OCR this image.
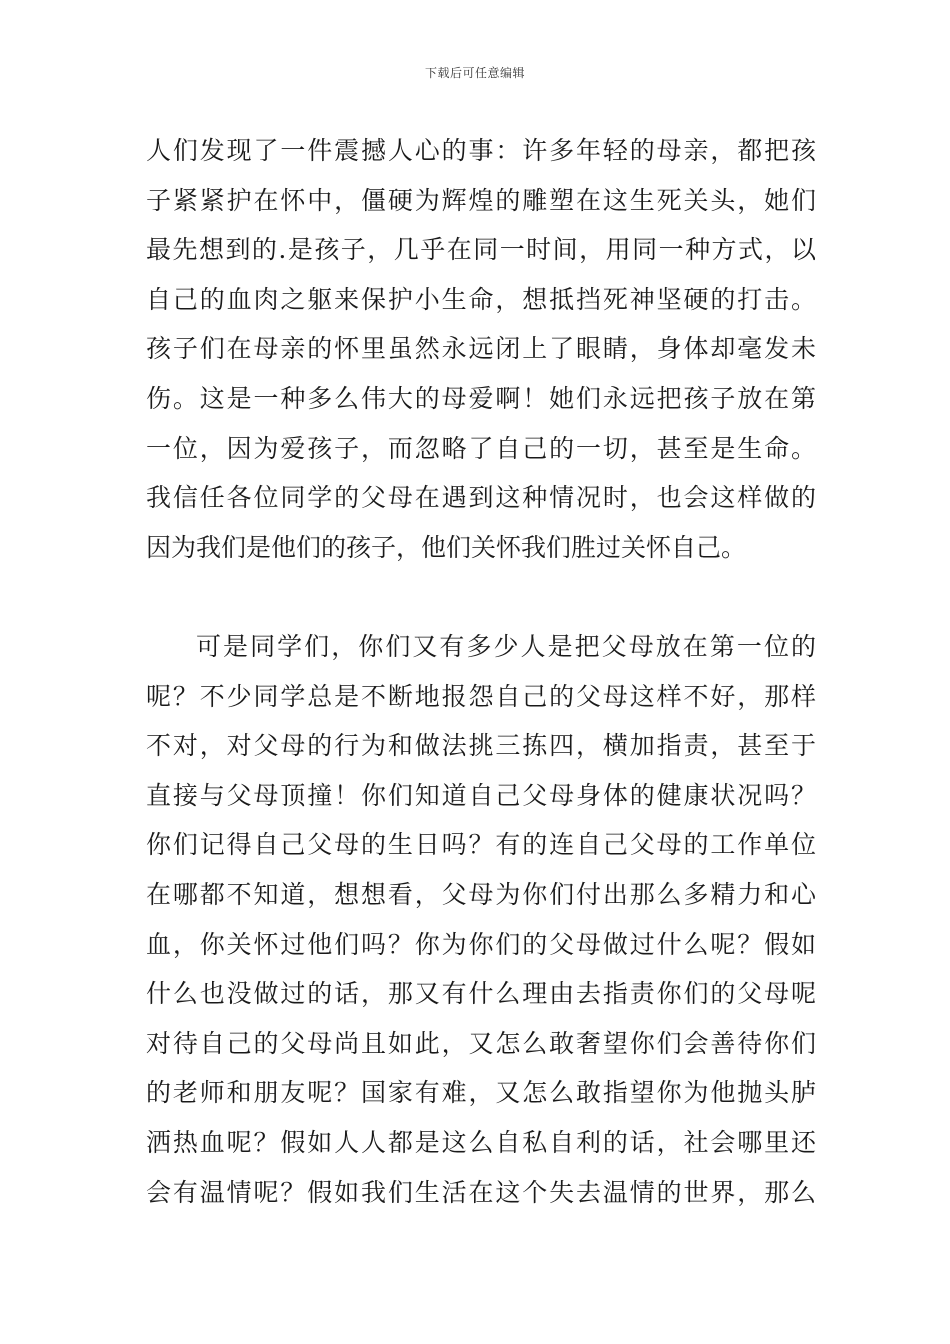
下载后可任意编辑
人们发现了一件震撼人心的事：许多年轻的母亲，都把孩
子紧紧护在怀中，僵硬为辉煌的雕塑在这生死关头，她们
最先想到的.是孩子，几乎在同一时间，用同一种方式，以
自己的血肉之躯来保护小生命，想抵挡死神坚硬的打击。
孩子们在母亲的怀里虽然永远闭上了眼睛，身体却毫发未
伤。这是一种多么伟大的母爱啊！她们永远把孩子放在第
一位，因为爱孩子，而忽略了自己的一切，甚至是生命。
我信任各位同学的父母在遇到这种情况时，也会这样做的
因为我们是他们的孩子，他们关怀我们胜过关怀自己。
可是同学们，你们又有多少人是把父母放在第一位的
呢？不少同学总是不断地报怨自己的父母这样不好，那样
不对，对父母的行为和做法挑三拣四，横加指责，甚至于
直接与父母顶撞！你们知道自己父母身体的健康状况吗？
你们记得自己父母的生日吗？有的连自己父母的工作单位
在哪都不知道，想想看，父母为你们付出那么多精力和心
血，你关怀过他们吗？你为你们的父母做过什么呢？假如
什么也没做过的话，那又有什么理由去指责你们的父母呢
对待自己的父母尚且如此，又怎么敢奢望你们会善待你们
的老师和朋友呢？国家有难，又怎么敢指望你为他抛头胪
洒热血呢？假如人人都是这么自私自利的话，社会哪里还
会有温情呢？假如我们生活在这个失去温情的世界，那么
